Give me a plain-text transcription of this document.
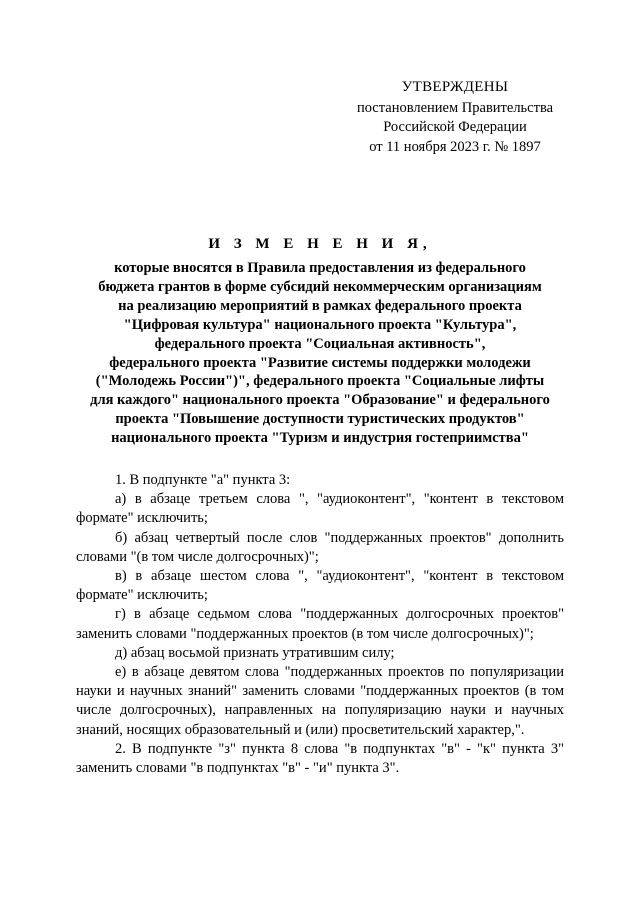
УТВЕРЖДЕНЫ
постановлением Правительства
Российской Федерации
от 11 ноября 2023 г. № 1897
И З М Е Н Е Н И Я,
которые вносятся в Правила предоставления из федерального
бюджета грантов в форме субсидий некоммерческим организациям
на реализацию мероприятий в рамках федерального проекта
"Цифровая культура" национального проекта "Культура",
федерального проекта "Социальная активность",
федерального проекта "Развитие системы поддержки молодежи
("Молодежь России")", федерального проекта "Социальные лифты
для каждого" национального проекта "Образование" и федерального
проекта "Повышение доступности туристических продуктов"
национального проекта "Туризм и индустрия гостеприимства"

1. В подпункте "а" пункта 3:

а) в абзаце третьем слова ", "аудиоконтент", "контент в текстовом формате" исключить;

б) абзац четвертый после слов "поддержанных проектов" дополнить словами "(в том числе долгосрочных)";

в) в абзаце шестом слова ", "аудиоконтент", "контент в текстовом формате" исключить;

г) в абзаце седьмом слова "поддержанных долгосрочных проектов" заменить словами "поддержанных проектов (в том числе долгосрочных)";

д) абзац восьмой признать утратившим силу;

е) в абзаце девятом слова "поддержанных проектов по популяризации науки и научных знаний" заменить словами "поддержанных проектов (в том числе долгосрочных), направленных на популяризацию науки и научных знаний, носящих образовательный и (или) просветительский характер,".

2. В подпункте "з" пункта 8 слова "в подпунктах "в" - "к" пункта 3" заменить словами "в подпунктах "в" - "и" пункта 3".
